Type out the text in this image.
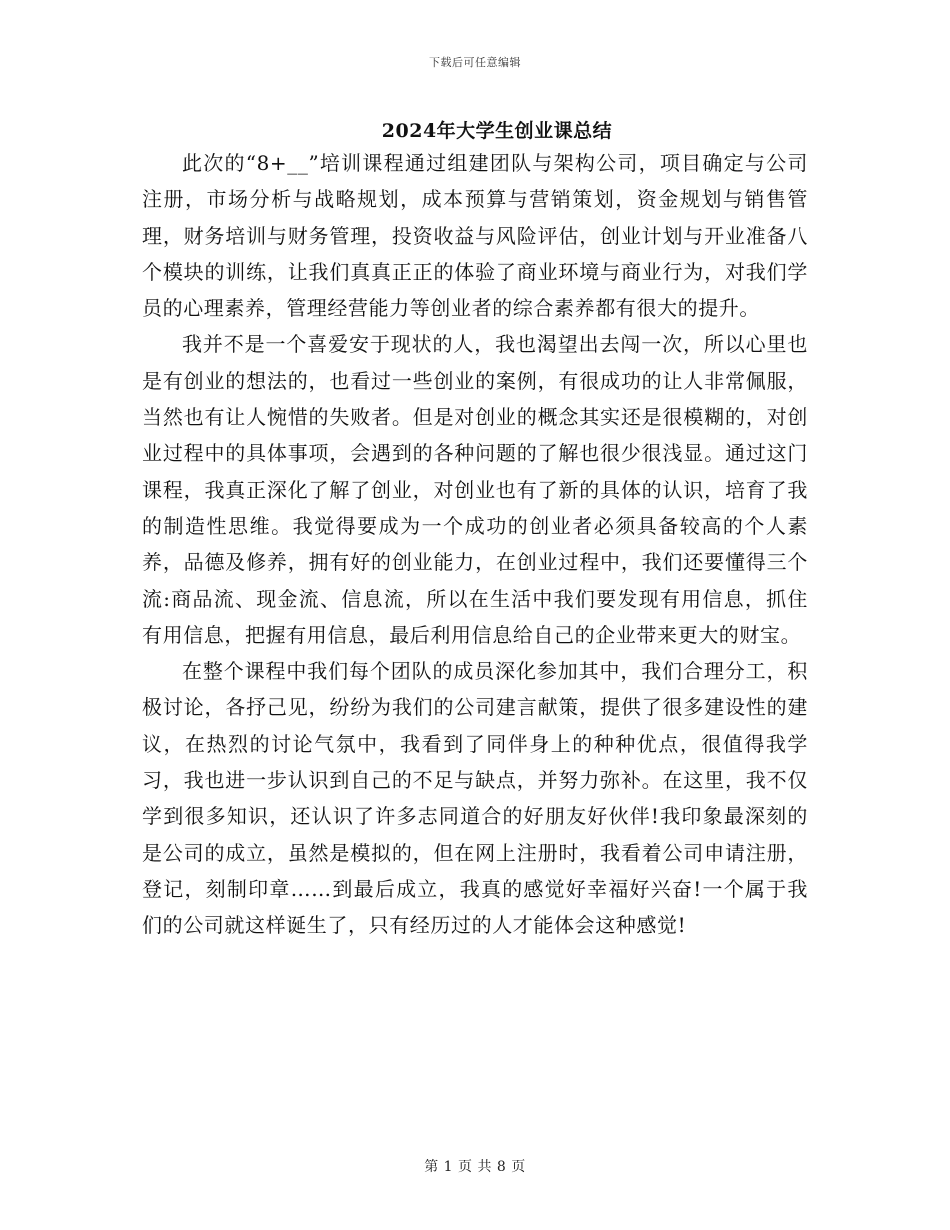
下载后可任意编辑
2024年大学生创业课总结

此次的“8+__”培训课程通过组建团队与架构公司，项目确定与公司注册，市场分析与战略规划，成本预算与营销策划，资金规划与销售管理，财务培训与财务管理，投资收益与风险评估，创业计划与开业准备八个模块的训练，让我们真真正正的体验了商业环境与商业行为，对我们学员的心理素养，管理经营能力等创业者的综合素养都有很大的提升。

我并不是一个喜爱安于现状的人，我也渴望出去闯一次，所以心里也是有创业的想法的，也看过一些创业的案例，有很成功的让人非常佩服，当然也有让人惋惜的失败者。但是对创业的概念其实还是很模糊的，对创业过程中的具体事项，会遇到的各种问题的了解也很少很浅显。通过这门课程，我真正深化了解了创业，对创业也有了新的具体的认识，培育了我的制造性思维。我觉得要成为一个成功的创业者必须具备较高的个人素养，品德及修养，拥有好的创业能力，在创业过程中，我们还要懂得三个流:商品流、现金流、信息流，所以在生活中我们要发现有用信息，抓住有用信息，把握有用信息，最后利用信息给自己的企业带来更大的财宝。

在整个课程中我们每个团队的成员深化参加其中，我们合理分工，积极讨论，各抒己见，纷纷为我们的公司建言献策，提供了很多建设性的建议，在热烈的讨论气氛中，我看到了同伴身上的种种优点，很值得我学习，我也进一步认识到自己的不足与缺点，并努力弥补。在这里，我不仅学到很多知识，还认识了许多志同道合的好朋友好伙伴!我印象最深刻的是公司的成立，虽然是模拟的，但在网上注册时，我看着公司申请注册，登记，刻制印章……到最后成立，我真的感觉好幸福好兴奋!一个属于我们的公司就这样诞生了，只有经历过的人才能体会这种感觉!

第 1 页 共 8 页
